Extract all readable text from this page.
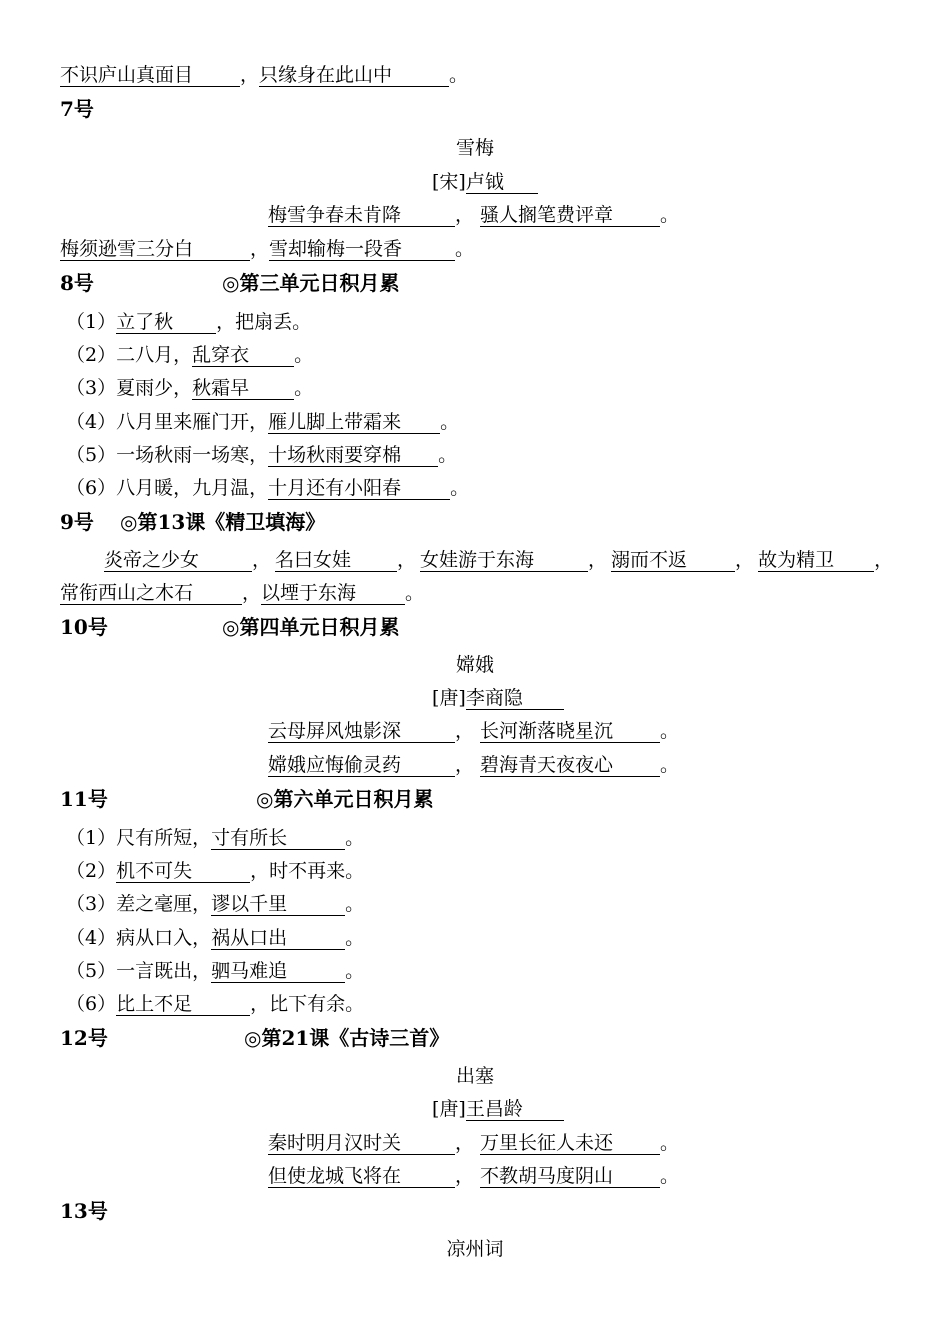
不识庐山真面目 ，只缘身在此山中	。
7号
雪梅
[宋]卢钺
梅雪争春未肯降	， 骚人搁笔费评章 。
梅须逊雪三分白	，雪却输梅一段香	。
8号	◎第三单元日积月累
（1）立了秋 ，把扇丢。
（2）二八月，乱穿衣 。
（3）夏雨少，秋霜早 。
（4）八月里来雁门开，雁儿脚上带霜来 。
（5）一场秋雨一场寒，十场秋雨要穿棉 。
（6）八月暖，九月温，十月还有小阳春	。
9号 ◎第13课《精卫填海》
炎帝之少女	， 名曰女娃 ， 女娃游于东海	， 溺而不返	， 故为精卫 ，
常衔西山之木石	，以堙于东海	。
10号	◎第四单元日积月累
嫦娥
[唐]李商隐
云母屏风烛影深	， 长河渐落晓星沉 。
嫦娥应悔偷灵药	， 碧海青天夜夜心 。
11号	◎第六单元日积月累
（1）尺有所短，寸有所长	。
（2）机不可失	，时不再来。
（3）差之毫厘，谬以千里	。
（4）病从口入，祸从口出	。
（5）一言既出，驷马难追	。
（6）比上不足	，比下有余。
12号	◎第21课《古诗三首》
出塞
[唐]王昌龄
秦时明月汉时关	， 万里长征人未还 。
但使龙城飞将在	， 不教胡马度阴山 。
13号
凉州词
